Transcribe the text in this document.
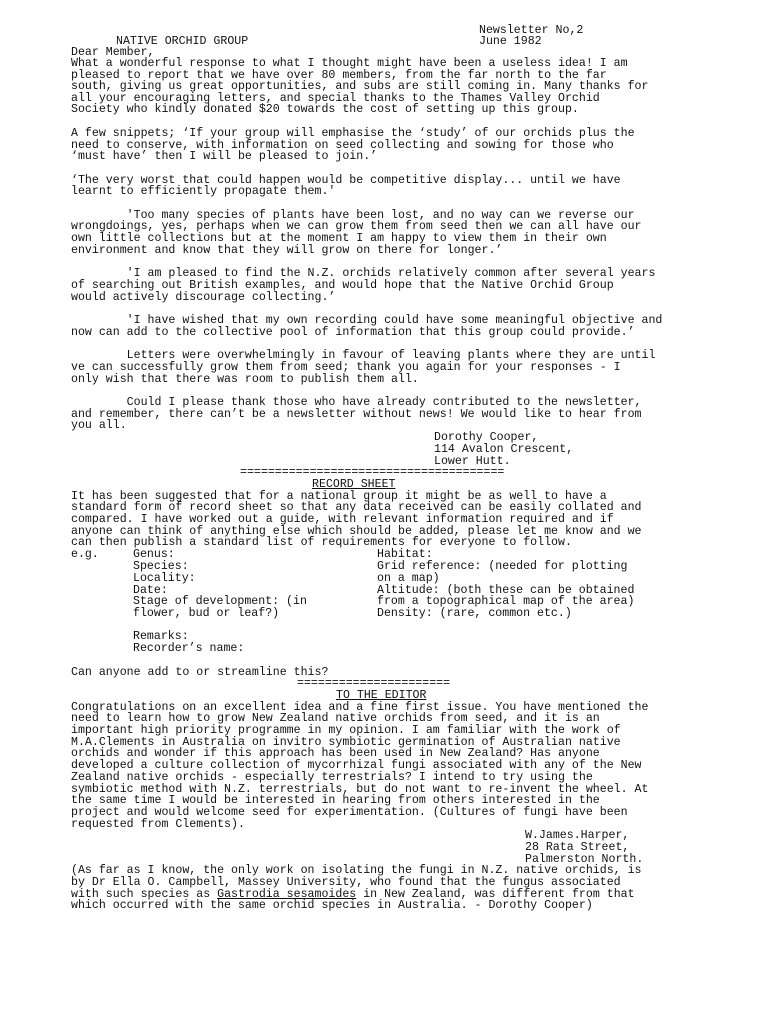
Newsletter No,2
NATIVE ORCHID GROUP	June 1982
Dear Member,
What a wonderful response to what I thought might have been a useless idea! I am
pleased to report that we have over 80 members, from the far north to the far
south, giving us great opportunities, and subs are still coming in. Many thanks for
all your encouraging letters, and special thanks to the Thames Valley Orchid
Society who kindly donated $20 towards the cost of setting up this group.
A few snippets; ‘If your group will emphasise the ‘study’ of our orchids plus the
need to conserve, with information on seed collecting and sowing for those who
‘must have’ then I will be pleased to join.’
‘The very worst that could happen would be competitive display... until we have
learnt to efficiently propagate them.'
'Too many species of plants have been lost, and no way can we reverse our
wrongdoings, yes, perhaps when we can grow them from seed then we can all have our
own little collections but at the moment I am happy to view them in their own
environment and know that they will grow on there for longer.’
'I am pleased to find the N.Z. orchids relatively common after several years
of searching out British examples, and would hope that the Native Orchid Group
would actively discourage collecting.’
'I have wished that my own recording could have some meaningful objective and
now can add to the collective pool of information that this group could provide.’
Letters were overwhelmingly in favour of leaving plants where they are until
ve can successfully grow them from seed; thank you again for your responses - I
only wish that there was room to publish them all.
Could I please thank those who have already contributed to the newsletter,
and remember, there can’t be a newsletter without news! We would like to hear from
you all.
Dorothy Cooper,
114 Avalon Crescent,
Lower Hutt.
======================================
RECORD SHEET
It has been suggested that for a national group it might be as well to have a
standard form of record sheet so that any data received can be easily collated and
compared. I have worked out a guide, with relevant information required and if
anyone can think of anything else which should be added, please let me know and we
can then publish a standard list of requirements for everyone to follow.
e.g.	Genus:
Species:
Locality:
Date:
Stage of development: (in
flower, bud or leaf?)
Remarks:
Recorder’s name:
Habitat:
Grid reference: (needed for plotting
on a map)
Altitude: (both these can be obtained
from a topographical map of the area)
Density: (rare, common etc.)
Can anyone add to or streamline this?
======================
TO THE EDITOR
Congratulations on an excellent idea and a fine first issue. You have mentioned the
need to learn how to grow New Zealand native orchids from seed, and it is an
important high priority programme in my opinion. I am familiar with the work of
M.A.Clements in Australia on invitro symbiotic germination of Australian native
orchids and wonder if this approach has been used in New Zealand? Has anyone
developed a culture collection of mycorrhizal fungi associated with any of the New
Zealand native orchids - especially terrestrials? I intend to try using the
symbiotic method with N.Z. terrestrials, but do not want to re-invent the wheel. At
the same time I would be interested in hearing from others interested in the
project and would welcome seed for experimentation. (Cultures of fungi have been
requested from Clements).
W.James.Harper,
28 Rata Street,
Palmerston North.
(As far as I know, the only work on isolating the fungi in N.Z. native orchids, is
by Dr Ella O. Campbell, Massey University, who found that the fungus associated
with such species as Gastrodia sesamoides in New Zealand, was different from that
which occurred with the same orchid species in Australia. - Dorothy Cooper)
